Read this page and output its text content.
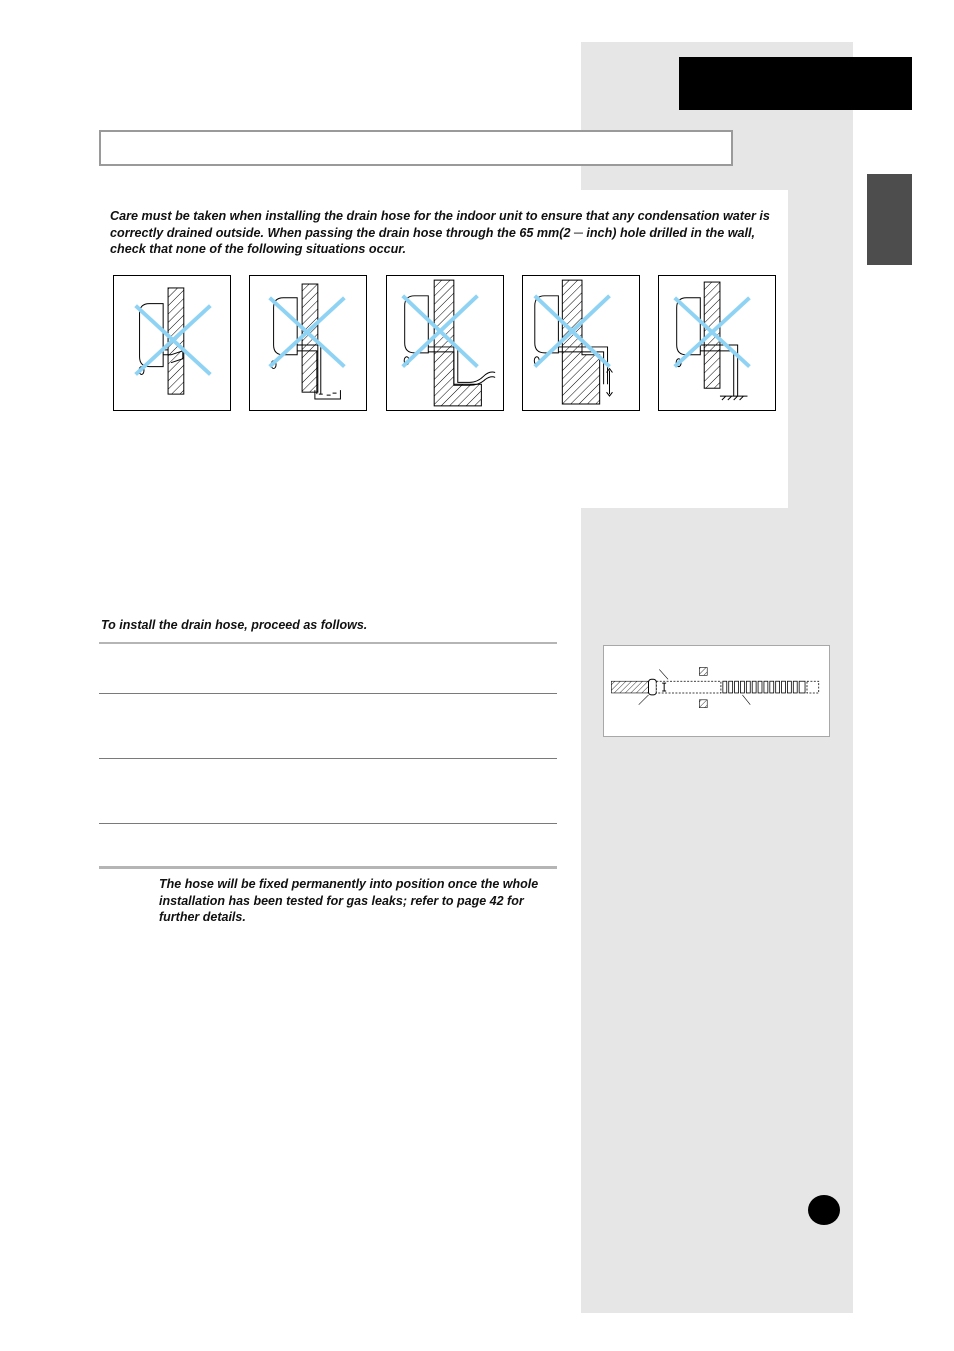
Care must be taken when installing the drain hose for the indoor unit to ensure that any condensation water is correctly drained outside. When passing the drain hose through the 65 mm(2 ─ inch) hole drilled in the wall, check that none of the following situations occur.
To install the drain hose, proceed as follows.
The hose will be fixed permanently into position once the whole installation has been tested for gas leaks; refer to page 42 for further details.
